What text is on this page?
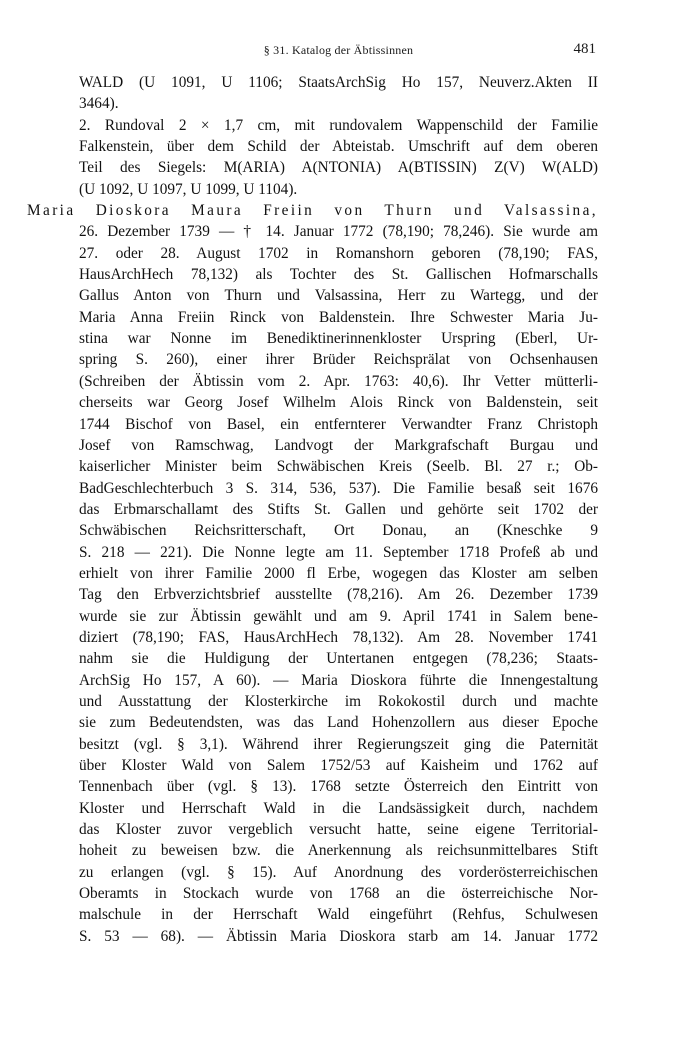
§ 31. Katalog der Äbtissinnen	481
WALD (U 1091, U 1106; StaatsArchSig Ho 157, Neuverz.Akten II
3464).
2. Rundoval 2 × 1,7 cm, mit rundovalem Wappenschild der Familie
Falkenstein, über dem Schild der Abteistab. Umschrift auf dem oberen
Teil des Siegels: M(ARIA) A(NTONIA) A(BTISSIN) Z(V) W(ALD)
(U 1092, U 1097, U 1099, U 1104).
Maria Dioskora Maura Freiin von Thurn und Valsassina,
26. Dezember 1739 — † 14. Januar 1772 (78,190; 78,246). Sie wurde am
27. oder 28. August 1702 in Romanshorn geboren (78,190; FAS,
HausArchHech 78,132) als Tochter des St. Gallischen Hofmarschalls
Gallus Anton von Thurn und Valsassina, Herr zu Wartegg, und der
Maria Anna Freiin Rinck von Baldenstein. Ihre Schwester Maria Ju-
stina war Nonne im Benediktinerinnenkloster Urspring (Eberl, Ur-
spring S. 260), einer ihrer Brüder Reichsprälat von Ochsenhausen
(Schreiben der Äbtissin vom 2. Apr. 1763: 40,6). Ihr Vetter mütterli-
cherseits war Georg Josef Wilhelm Alois Rinck von Baldenstein, seit
1744 Bischof von Basel, ein entfernterer Verwandter Franz Christoph
Josef von Ramschwag, Landvogt der Markgrafschaft Burgau und
kaiserlicher Minister beim Schwäbischen Kreis (Seelb. Bl. 27 r.; Ob-
BadGeschlechterbuch 3 S. 314, 536, 537). Die Familie besaß seit 1676
das Erbmarschallamt des Stifts St. Gallen und gehörte seit 1702 der
Schwäbischen Reichsritterschaft, Ort Donau, an (Kneschke 9
S. 218 — 221). Die Nonne legte am 11. September 1718 Profeß ab und
erhielt von ihrer Familie 2000 fl Erbe, wogegen das Kloster am selben
Tag den Erbverzichtsbrief ausstellte (78,216). Am 26. Dezember 1739
wurde sie zur Äbtissin gewählt und am 9. April 1741 in Salem bene-
diziert (78,190; FAS, HausArchHech 78,132). Am 28. November 1741
nahm sie die Huldigung der Untertanen entgegen (78,236; Staats-
ArchSig Ho 157, A 60). — Maria Dioskora führte die Innengestaltung
und Ausstattung der Klosterkirche im Rokokostil durch und machte
sie zum Bedeutendsten, was das Land Hohenzollern aus dieser Epoche
besitzt (vgl. § 3,1). Während ihrer Regierungszeit ging die Paternität
über Kloster Wald von Salem 1752/53 auf Kaisheim und 1762 auf
Tennenbach über (vgl. § 13). 1768 setzte Österreich den Eintritt von
Kloster und Herrschaft Wald in die Landsässigkeit durch, nachdem
das Kloster zuvor vergeblich versucht hatte, seine eigene Territorial-
hoheit zu beweisen bzw. die Anerkennung als reichsunmittelbares Stift
zu erlangen (vgl. § 15). Auf Anordnung des vorderösterreichischen
Oberamts in Stockach wurde von 1768 an die österreichische Nor-
malschule in der Herrschaft Wald eingeführt (Rehfus, Schulwesen
S. 53 — 68). — Äbtissin Maria Dioskora starb am 14. Januar 1772
